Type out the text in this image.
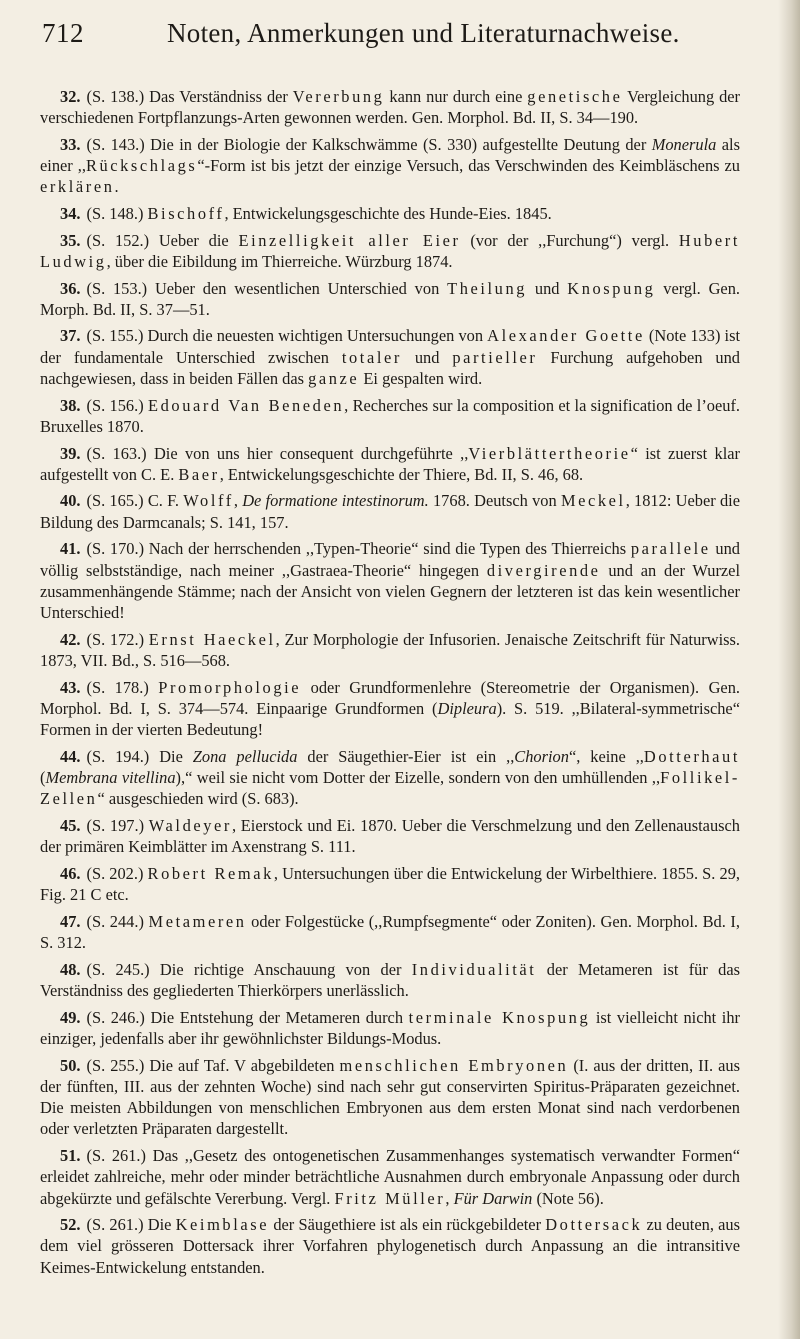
712	Noten, Anmerkungen und Literaturnachweise.

32. (S. 138.) Das Verständniss der Vererbung kann nur durch eine genetische Vergleichung der verschiedenen Fortpflanzungs-Arten gewonnen werden. Gen. Morphol. Bd. II, S. 34—190.

33. (S. 143.) Die in der Biologie der Kalkschwämme (S. 330) aufgestellte Deutung der Monerula als einer ,,Rückschlags“-Form ist bis jetzt der einzige Versuch, das Verschwinden des Keimbläschens zu erklären.

34. (S. 148.) Bischoff, Entwickelungsgeschichte des Hunde-Eies. 1845.

35. (S. 152.) Ueber die Einzelligkeit aller Eier (vor der ,,Furchung“) vergl. Hubert Ludwig, über die Eibildung im Thierreiche. Würzburg 1874.

36. (S. 153.) Ueber den wesentlichen Unterschied von Theilung und Knospung vergl. Gen. Morph. Bd. II, S. 37—51.

37. (S. 155.) Durch die neuesten wichtigen Untersuchungen von Alexander Goette (Note 133) ist der fundamentale Unterschied zwischen totaler und partieller Furchung aufgehoben und nachgewiesen, dass in beiden Fällen das ganze Ei gespalten wird.

38. (S. 156.) Edouard Van Beneden, Recherches sur la composition et la signification de l’oeuf. Bruxelles 1870.

39. (S. 163.) Die von uns hier consequent durchgeführte ,,Vierblättertheorie“ ist zuerst klar aufgestellt von C. E. Baer, Entwickelungsgeschichte der Thiere, Bd. II, S. 46, 68.

40. (S. 165.) C. F. Wolff, De formatione intestinorum. 1768. Deutsch von Meckel, 1812: Ueber die Bildung des Darmcanals; S. 141, 157.

41. (S. 170.) Nach der herrschenden ,,Typen-Theorie“ sind die Typen des Thierreichs parallele und völlig selbstständige, nach meiner ,,Gastraea-Theorie“ hingegen divergirende und an der Wurzel zusammenhängende Stämme; nach der Ansicht von vielen Gegnern der letzteren ist das kein wesentlicher Unterschied!

42. (S. 172.) Ernst Haeckel, Zur Morphologie der Infusorien. Jenaische Zeitschrift für Naturwiss. 1873, VII. Bd., S. 516—568.

43. (S. 178.) Promorphologie oder Grundformenlehre (Stereometrie der Organismen). Gen. Morphol. Bd. I, S. 374—574. Einpaarige Grundformen (Dipleura). S. 519. ,,Bilateral-symmetrische“ Formen in der vierten Bedeutung!

44. (S. 194.) Die Zona pellucida der Säugethier-Eier ist ein ,,Chorion“, keine ,,Dotterhaut (Membrana vitellina),“ weil sie nicht vom Dotter der Eizelle, sondern von den umhüllenden ,,Follikel-Zellen“ ausgeschieden wird (S. 683).

45. (S. 197.) Waldeyer, Eierstock und Ei. 1870. Ueber die Verschmelzung und den Zellenaustausch der primären Keimblätter im Axenstrang S. 111.

46. (S. 202.) Robert Remak, Untersuchungen über die Entwickelung der Wirbelthiere. 1855. S. 29, Fig. 21 C etc.

47. (S. 244.) Metameren oder Folgestücke (,,Rumpfsegmente“ oder Zoniten). Gen. Morphol. Bd. I, S. 312.

48. (S. 245.) Die richtige Anschauung von der Individualität der Metameren ist für das Verständniss des gegliederten Thierkörpers unerlässlich.

49. (S. 246.) Die Entstehung der Metameren durch terminale Knospung ist vielleicht nicht ihr einziger, jedenfalls aber ihr gewöhnlichster Bildungs-Modus.

50. (S. 255.) Die auf Taf. V abgebildeten menschlichen Embryonen (I. aus der dritten, II. aus der fünften, III. aus der zehnten Woche) sind nach sehr gut conservirten Spiritus-Präparaten gezeichnet. Die meisten Abbildungen von menschlichen Embryonen aus dem ersten Monat sind nach verdorbenen oder verletzten Präparaten dargestellt.

51. (S. 261.) Das ,,Gesetz des ontogenetischen Zusammenhanges systematisch verwandter Formen“ erleidet zahlreiche, mehr oder minder beträchtliche Ausnahmen durch embryonale Anpassung oder durch abgekürzte und gefälschte Vererbung. Vergl. Fritz Müller, Für Darwin (Note 56).

52. (S. 261.) Die Keimblase der Säugethiere ist als ein rückgebildeter Dottersack zu deuten, aus dem viel grösseren Dottersack ihrer Vorfahren phylogenetisch durch Anpassung an die intransitive Keimes-Entwickelung entstanden.
